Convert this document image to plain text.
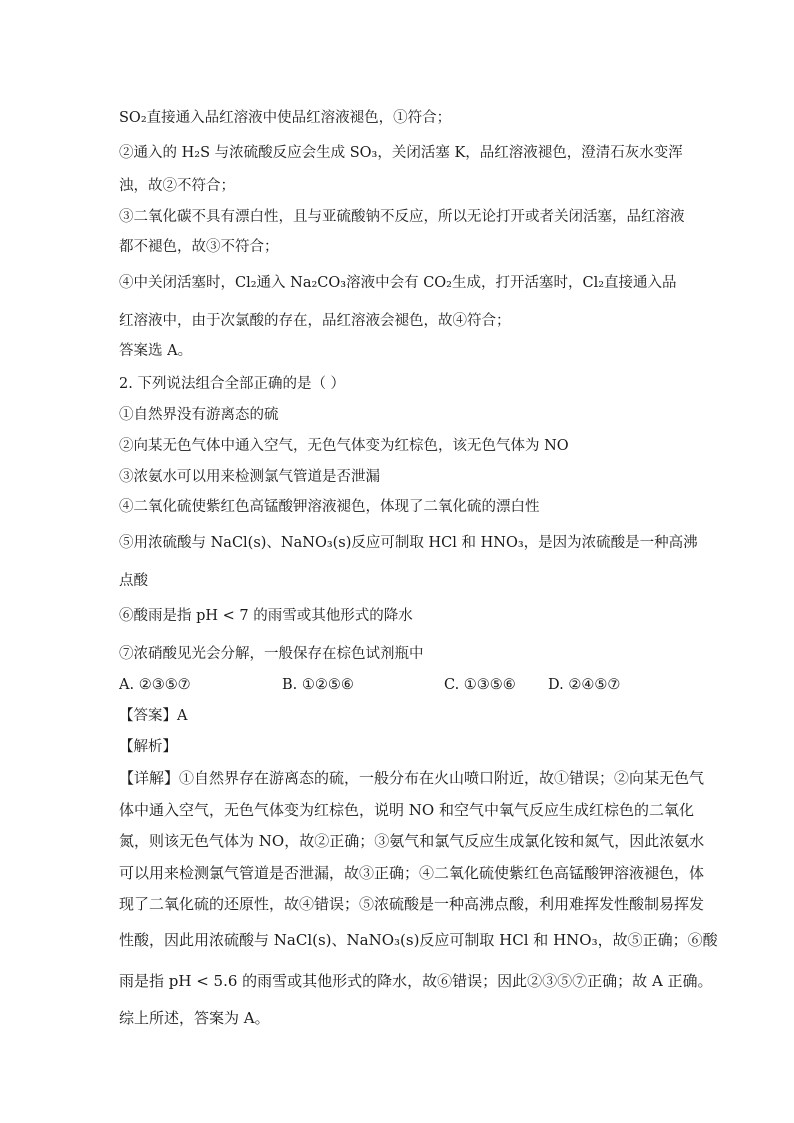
SO₂直接通入品红溶液中使品红溶液褪色，①符合；
②通入的 H₂S 与浓硫酸反应会生成 SO₃，关闭活塞 K，品红溶液褪色，澄清石灰水变浑
浊，故②不符合；
③二氧化碳不具有漂白性，且与亚硫酸钠不反应，所以无论打开或者关闭活塞，品红溶液
都不褪色，故③不符合；
④中关闭活塞时，Cl₂通入 Na₂CO₃溶液中会有 CO₂生成，打开活塞时，Cl₂直接通入品
红溶液中，由于次氯酸的存在，品红溶液会褪色，故④符合；
答案选 A。
2. 下列说法组合全部正确的是（ ）
①自然界没有游离态的硫
②向某无色气体中通入空气，无色气体变为红棕色，该无色气体为 NO
③浓氨水可以用来检测氯气管道是否泄漏
④二氧化硫使紫红色高锰酸钾溶液褪色，体现了二氧化硫的漂白性
⑤用浓硫酸与 NaCl(s)、NaNO₃(s)反应可制取 HCl 和 HNO₃，是因为浓硫酸是一种高沸
点酸
⑥酸雨是指 pH < 7 的雨雪或其他形式的降水
⑦浓硝酸见光会分解，一般保存在棕色试剂瓶中
A. ②③⑤⑦	B. ①②⑤⑥	C. ①③⑤⑥ D. ②④⑤⑦
【答案】A
【解析】
【详解】①自然界存在游离态的硫，一般分布在火山喷口附近，故①错误；②向某无色气
体中通入空气，无色气体变为红棕色，说明 NO 和空气中氧气反应生成红棕色的二氧化
氮，则该无色气体为 NO，故②正确；③氨气和氯气反应生成氯化铵和氮气，因此浓氨水
可以用来检测氯气管道是否泄漏，故③正确；④二氧化硫使紫红色高锰酸钾溶液褪色，体
现了二氧化硫的还原性，故④错误；⑤浓硫酸是一种高沸点酸，利用难挥发性酸制易挥发
性酸，因此用浓硫酸与 NaCl(s)、NaNO₃(s)反应可制取 HCl 和 HNO₃，故⑤正确；⑥酸
雨是指 pH < 5.6 的雨雪或其他形式的降水，故⑥错误；因此②③⑤⑦正确；故 A 正确。
综上所述，答案为 A。
